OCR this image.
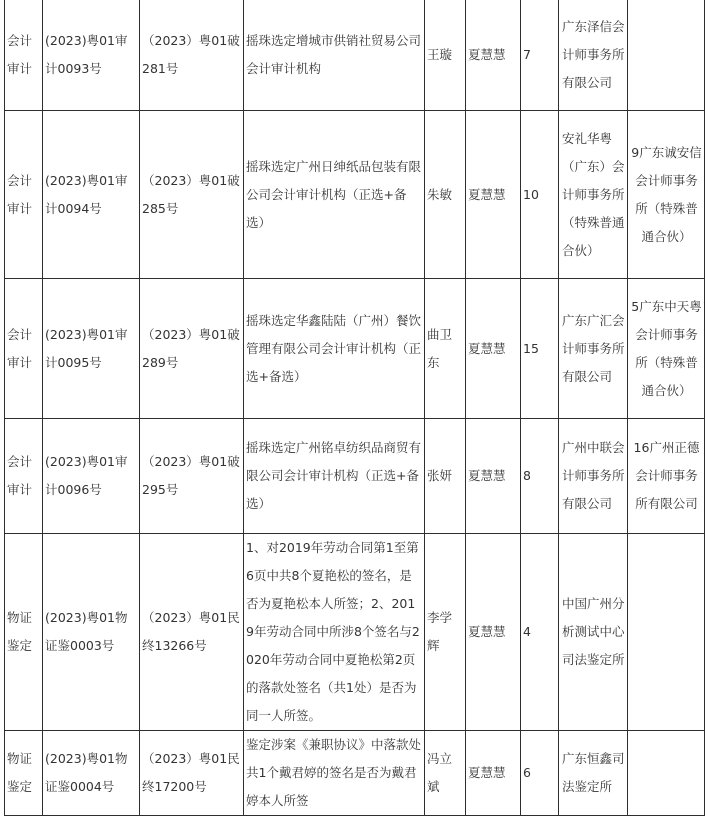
会计审计	(2023)粤01审计0093号	（2023）粤01破281号	摇珠选定增城市供销社贸易公司会计审计机构	王璇	夏慧慧	7	广东泽信会计师事务所有限公司	
会计审计	(2023)粤01审计0094号	（2023）粤01破285号	摇珠选定广州日绅纸品包装有限公司会计审计机构（正选+备选）	朱敏	夏慧慧	10	安礼华粤（广东）会计师事务所（特殊普通合伙）	9广东诚安信会计师事务所（特殊普通合伙）
会计审计	(2023)粤01审计0095号	（2023）粤01破289号	摇珠选定华鑫陆陆（广州）餐饮管理有限公司会计审计机构（正选+备选）	曲卫东	夏慧慧	15	广东广汇会计师事务所有限公司	5广东中天粤会计师事务所（特殊普通合伙）
会计审计	(2023)粤01审计0096号	（2023）粤01破295号	摇珠选定广州铭卓纺织品商贸有限公司会计审计机构（正选+备选）	张妍	夏慧慧	8	广州中联会计师事务所有限公司	16广州正德会计师事务所有限公司
物证鉴定	(2023)粤01物证鉴0003号	（2023）粤01民终13266号	1、对2019年劳动合同第1至第6页中共8个夏艳松的签名，是否为夏艳松本人所签；2、2019年劳动合同中所涉8个签名与2020年劳动合同中夏艳松第2页的落款处签名（共1处）是否为同一人所签。	李学辉	夏慧慧	4	中国广州分析测试中心司法鉴定所	
物证鉴定	(2023)粤01物证鉴0004号	（2023）粤01民终17200号	鉴定涉案《兼职协议》中落款处共1个戴君婷的签名是否为戴君婷本人所签	冯立斌	夏慧慧	6	广东恒鑫司法鉴定所	
